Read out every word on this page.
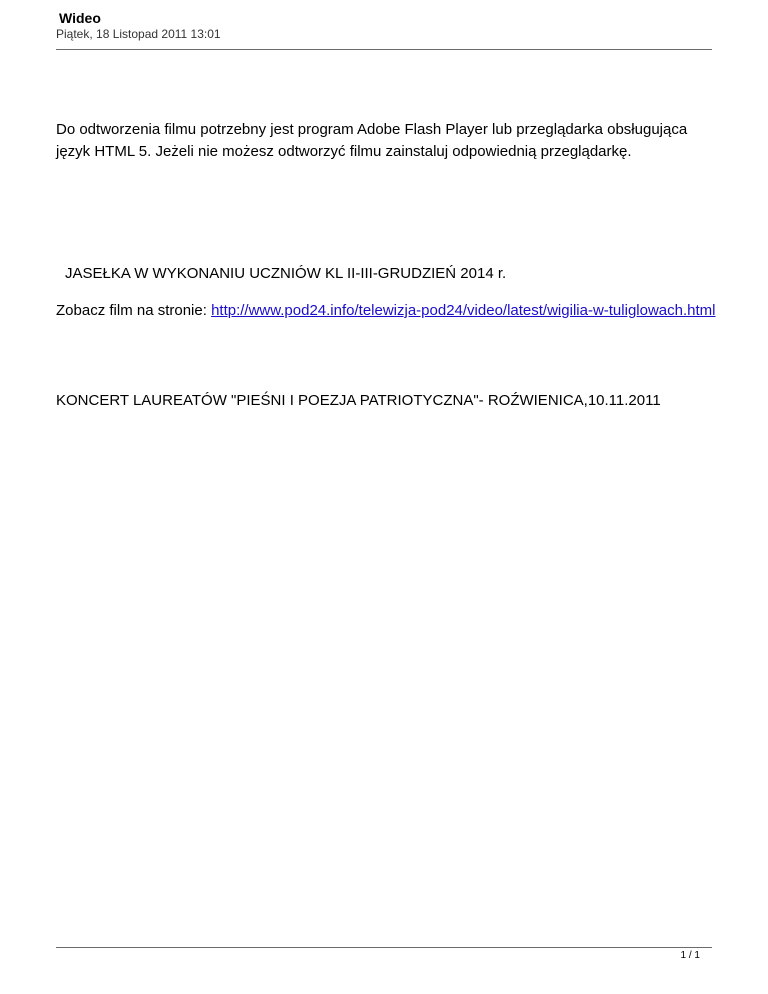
Wideo
Piątek, 18 Listopad 2011 13:01

Do odtworzenia filmu potrzebny jest program Adobe Flash Player lub przeglądarka obsługująca język HTML 5. Jeżeli nie możesz odtworzyć filmu zainstaluj odpowiednią przeglądarkę.

JASEŁKA W WYKONANIU UCZNIÓW KL II-III-GRUDZIEŃ 2014 r.

Zobacz film na stronie: http://www.pod24.info/telewizja-pod24/video/latest/wigilia-w-tuliglowach.html

KONCERT LAUREATÓW "PIEŚNI I POEZJA PATRIOTYCZNA"- ROŹWIENICA,10.11.2011

1 / 1
